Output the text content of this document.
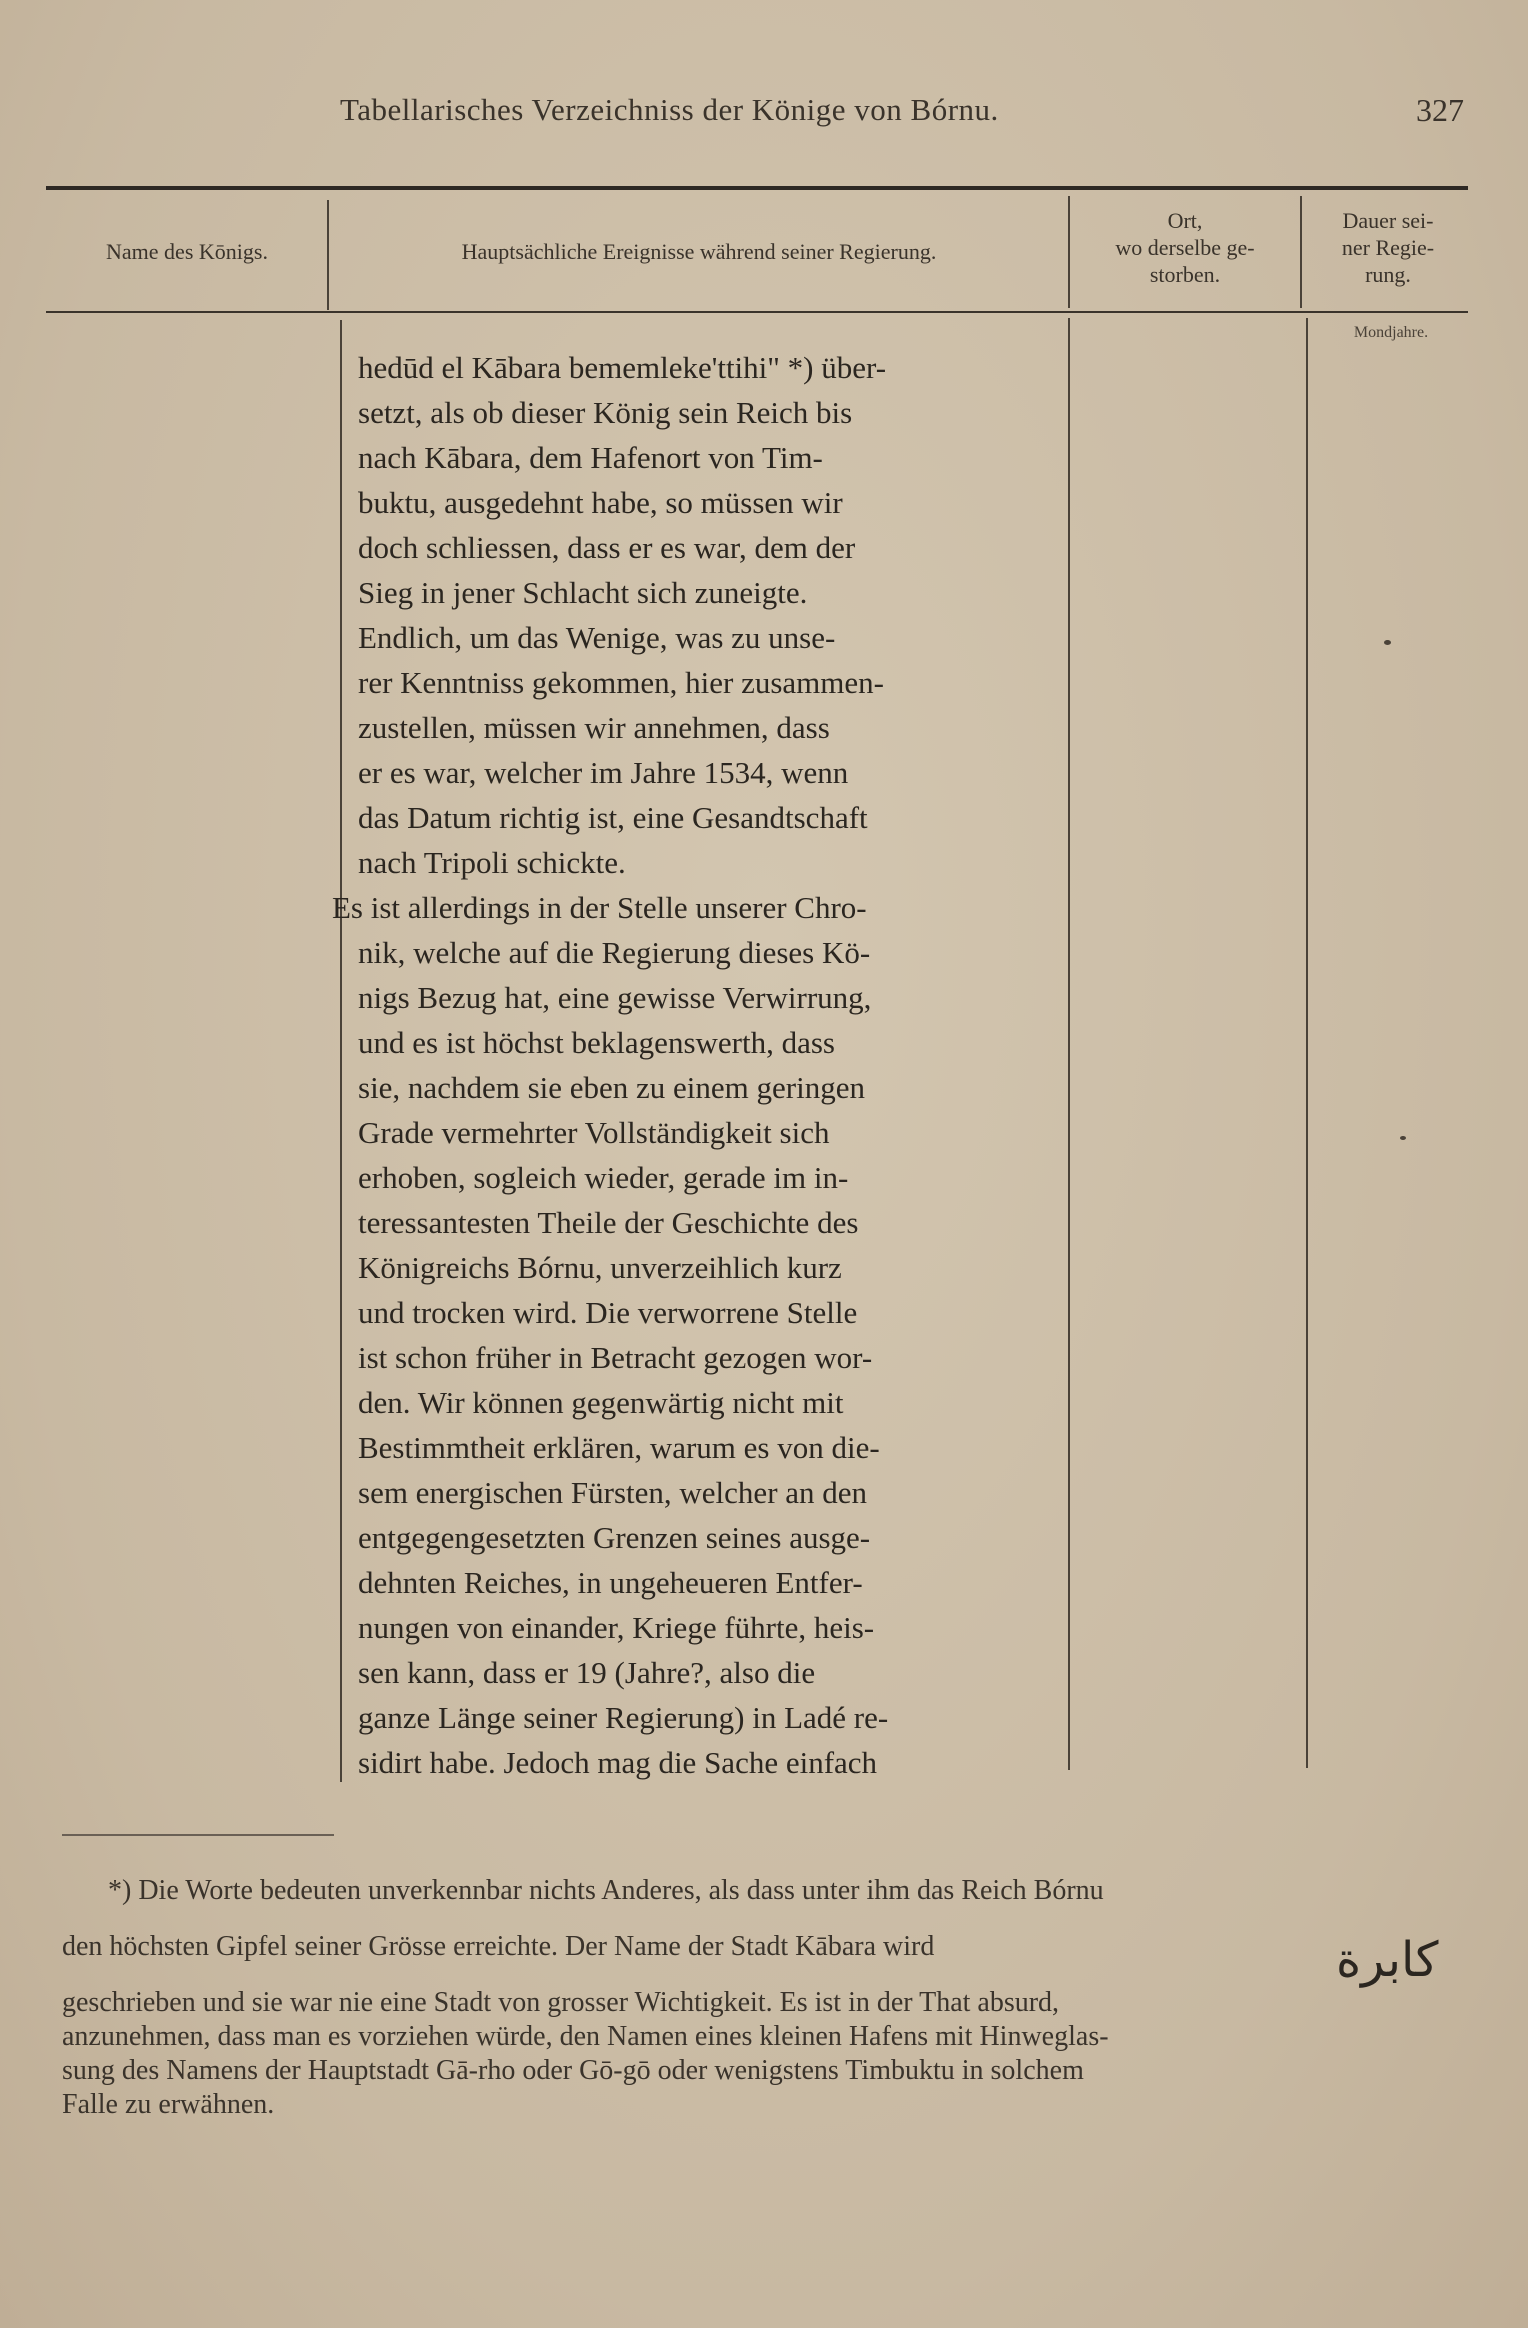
Tabellarisches Verzeichniss der Könige von Bórnu.	327
Name des Kōnigs.	Hauptsächliche Ereignisse während seiner Regierung.
Ort,
wo derselbe ge-
storben.
Dauer sei-
ner Regie-
rung.
Mondjahre.

hedūd el Kābara bememleke'ttihi" *) über-

setzt, als ob dieser König sein Reich bis

nach Kābara, dem Hafenort von Tim-

buktu, ausgedehnt habe, so müssen wir

doch schliessen, dass er es war, dem der

Sieg in jener Schlacht sich zuneigte.

Endlich, um das Wenige, was zu unse-

rer Kenntniss gekommen, hier zusammen-

zustellen, müssen wir annehmen, dass

er es war, welcher im Jahre 1534, wenn

das Datum richtig ist, eine Gesandtschaft

nach Tripoli schickte.

Es ist allerdings in der Stelle unserer Chro-

nik, welche auf die Regierung dieses Kö-

nigs Bezug hat, eine gewisse Verwirrung,

und es ist höchst beklagenswerth, dass

sie, nachdem sie eben zu einem geringen

Grade vermehrter Vollständigkeit sich

erhoben, sogleich wieder, gerade im in-

teressantesten Theile der Geschichte des

Königreichs Bórnu, unverzeihlich kurz

und trocken wird. Die verworrene Stelle

ist schon früher in Betracht gezogen wor-

den. Wir können gegenwärtig nicht mit

Bestimmtheit erklären, warum es von die-

sem energischen Fürsten, welcher an den

entgegengesetzten Grenzen seines ausge-

dehnten Reiches, in ungeheueren Entfer-

nungen von einander, Kriege führte, heis-

sen kann, dass er 19 (Jahre?, also die

ganze Länge seiner Regierung) in Ladé re-

sidirt habe. Jedoch mag die Sache einfach

*) Die Worte bedeuten unverkennbar nichts Anderes, als dass unter ihm das Reich Bórnu
den höchsten Gipfel seiner Grösse erreichte. Der Name der Stadt Kābara wird
geschrieben und sie war nie eine Stadt von grosser Wichtigkeit. Es ist in der That absurd,
anzunehmen, dass man es vorziehen würde, den Namen eines kleinen Hafens mit Hinweglas-
sung des Namens der Hauptstadt Gā-rho oder Gō-gō oder wenigstens Timbuktu in solchem
Falle zu erwähnen.
كابرة
